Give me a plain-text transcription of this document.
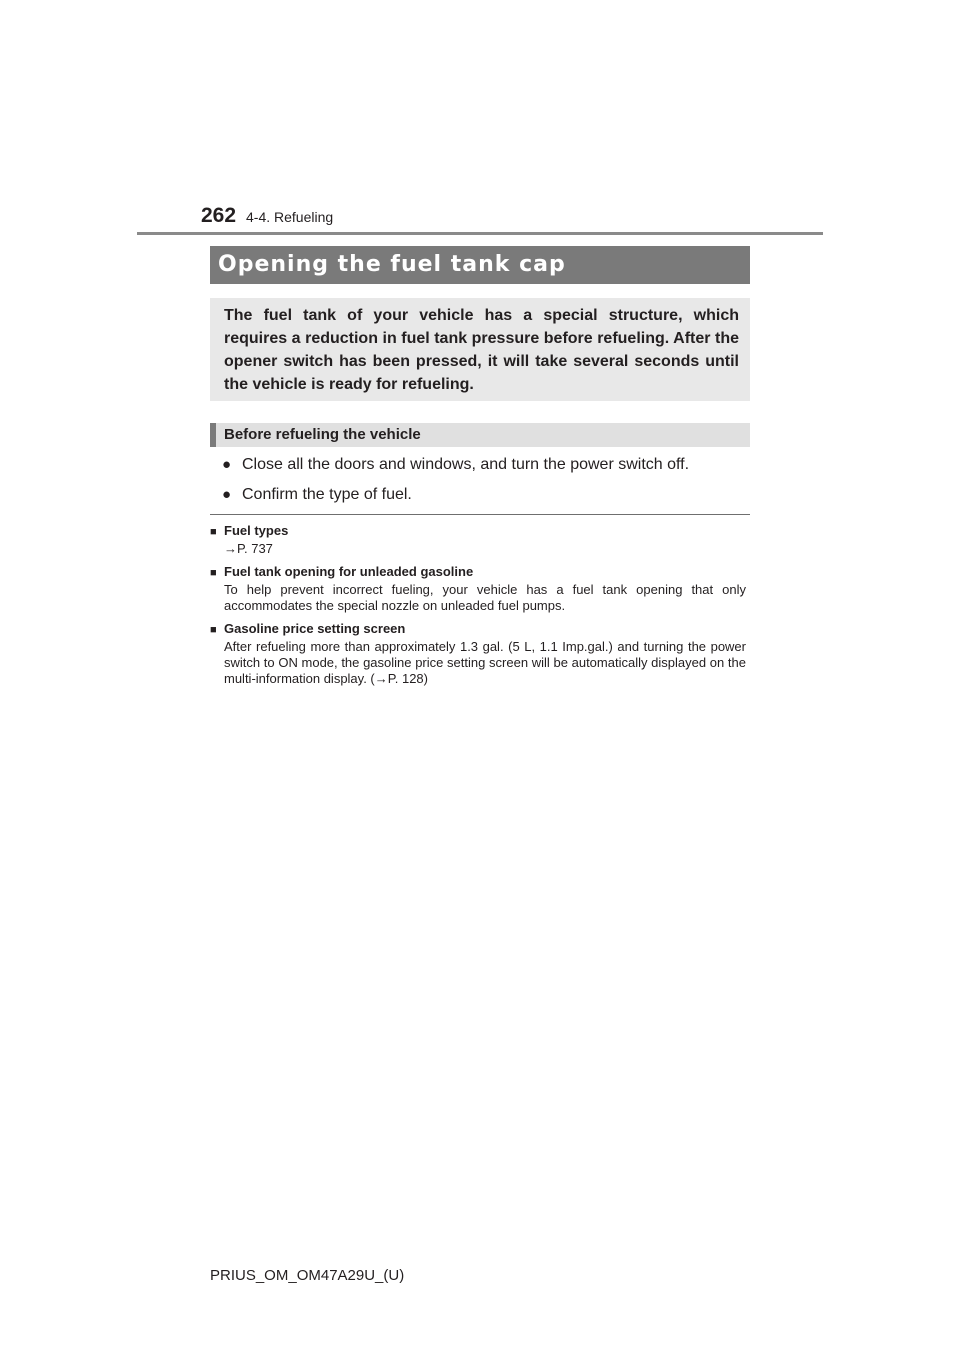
262 4-4. Refueling
Opening the fuel tank cap
The fuel tank of your vehicle has a special structure, which requires a reduction in fuel tank pressure before refueling. After the opener switch has been pressed, it will take several seconds until the vehicle is ready for refueling.
Before refueling the vehicle
● Close all the doors and windows, and turn the power switch off.
● Confirm the type of fuel.
■ Fuel types
→P. 737
■ Fuel tank opening for unleaded gasoline
To help prevent incorrect fueling, your vehicle has a fuel tank opening that only accommodates the special nozzle on unleaded fuel pumps.
■ Gasoline price setting screen
After refueling more than approximately 1.3 gal. (5 L, 1.1 Imp.gal.) and turning the power switch to ON mode, the gasoline price setting screen will be automatically displayed on the multi-information display. (→P. 128)
PRIUS_OM_OM47A29U_(U)
